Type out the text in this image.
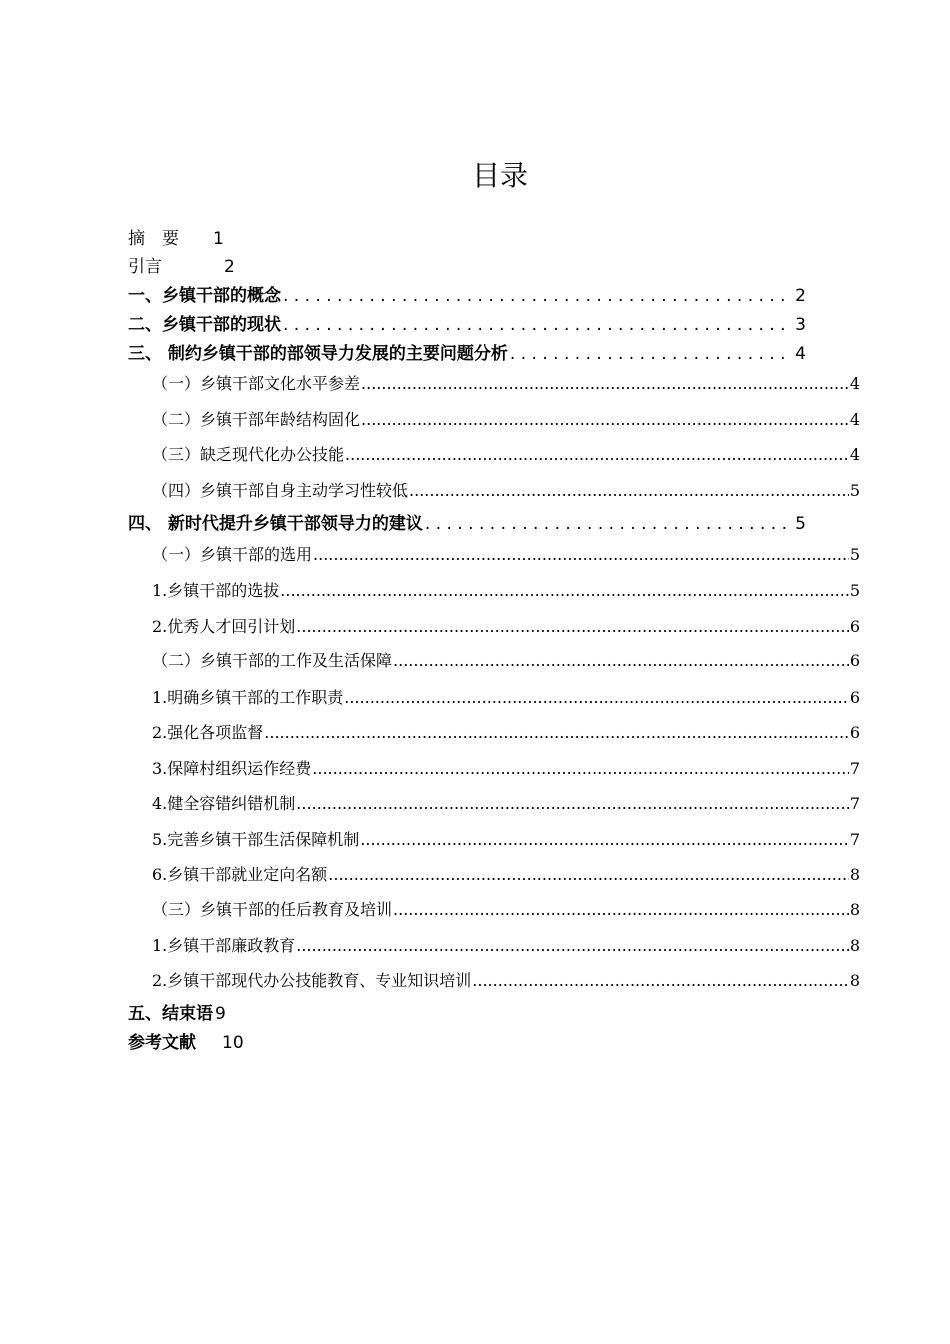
目录
摘　要 1
引言	2
一、乡镇干部的概念 . . .	2
二、乡镇干部的现状 . . .	3
三、 制约乡镇干部的部领导力发展的主要问题分析 . . .	4
（一）乡镇干部文化水平参差 .....	4
（二）乡镇干部年龄结构固化 .....	4
（三）缺乏现代化办公技能 .....	4
（四）乡镇干部自身主动学习性较低 .....	5
四、 新时代提升乡镇干部领导力的建议 . . .	5
（一）乡镇干部的选用 .....	5
1.乡镇干部的选拔 .....	5
2.优秀人才回引计划 .....	6
（二）乡镇干部的工作及生活保障 .....	6
1.明确乡镇干部的工作职责 .....	6
2.强化各项监督 .....	6
3.保障村组织运作经费 .....	7
4.健全容错纠错机制 .....	7
5.完善乡镇干部生活保障机制 .....	7
6.乡镇干部就业定向名额 .....	8
（三）乡镇干部的任后教育及培训 .....	8
1.乡镇干部廉政教育 .....	8
2.乡镇干部现代办公技能教育、专业知识培训 .....	8
五、结束语 9
参考文献 10
